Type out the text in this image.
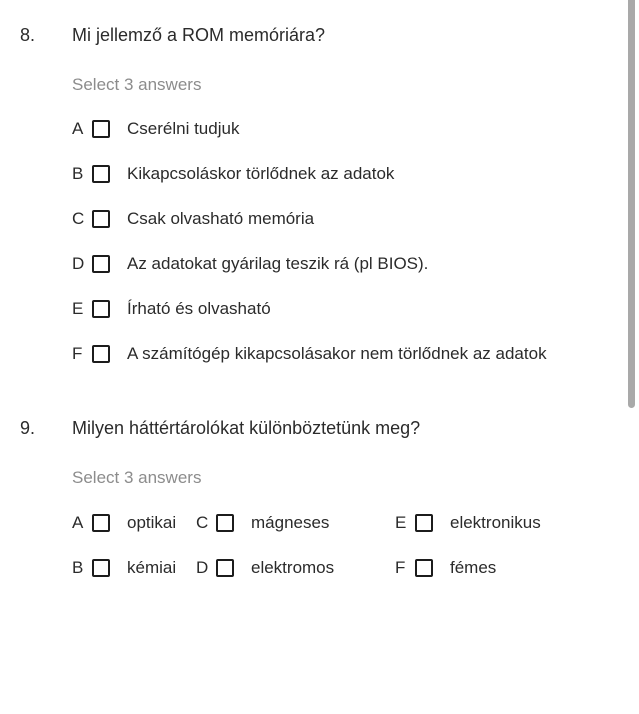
8.	Mi jellemző a ROM memóriára?
Select 3 answers
A	Cserélni tudjuk
B	Kikapcsoláskor törlődnek az adatok
C	Csak olvasható memória
D	Az adatokat gyárilag teszik rá (pl BIOS).
E	Írható és olvasható
F	A számítógép kikapcsolásakor nem törlődnek az adatok
9.	Milyen háttértárolókat különböztetünk meg?
Select 3 answers
A	optikai
B	kémiai
C	mágneses
D	elektromos
E	elektronikus
F	fémes
